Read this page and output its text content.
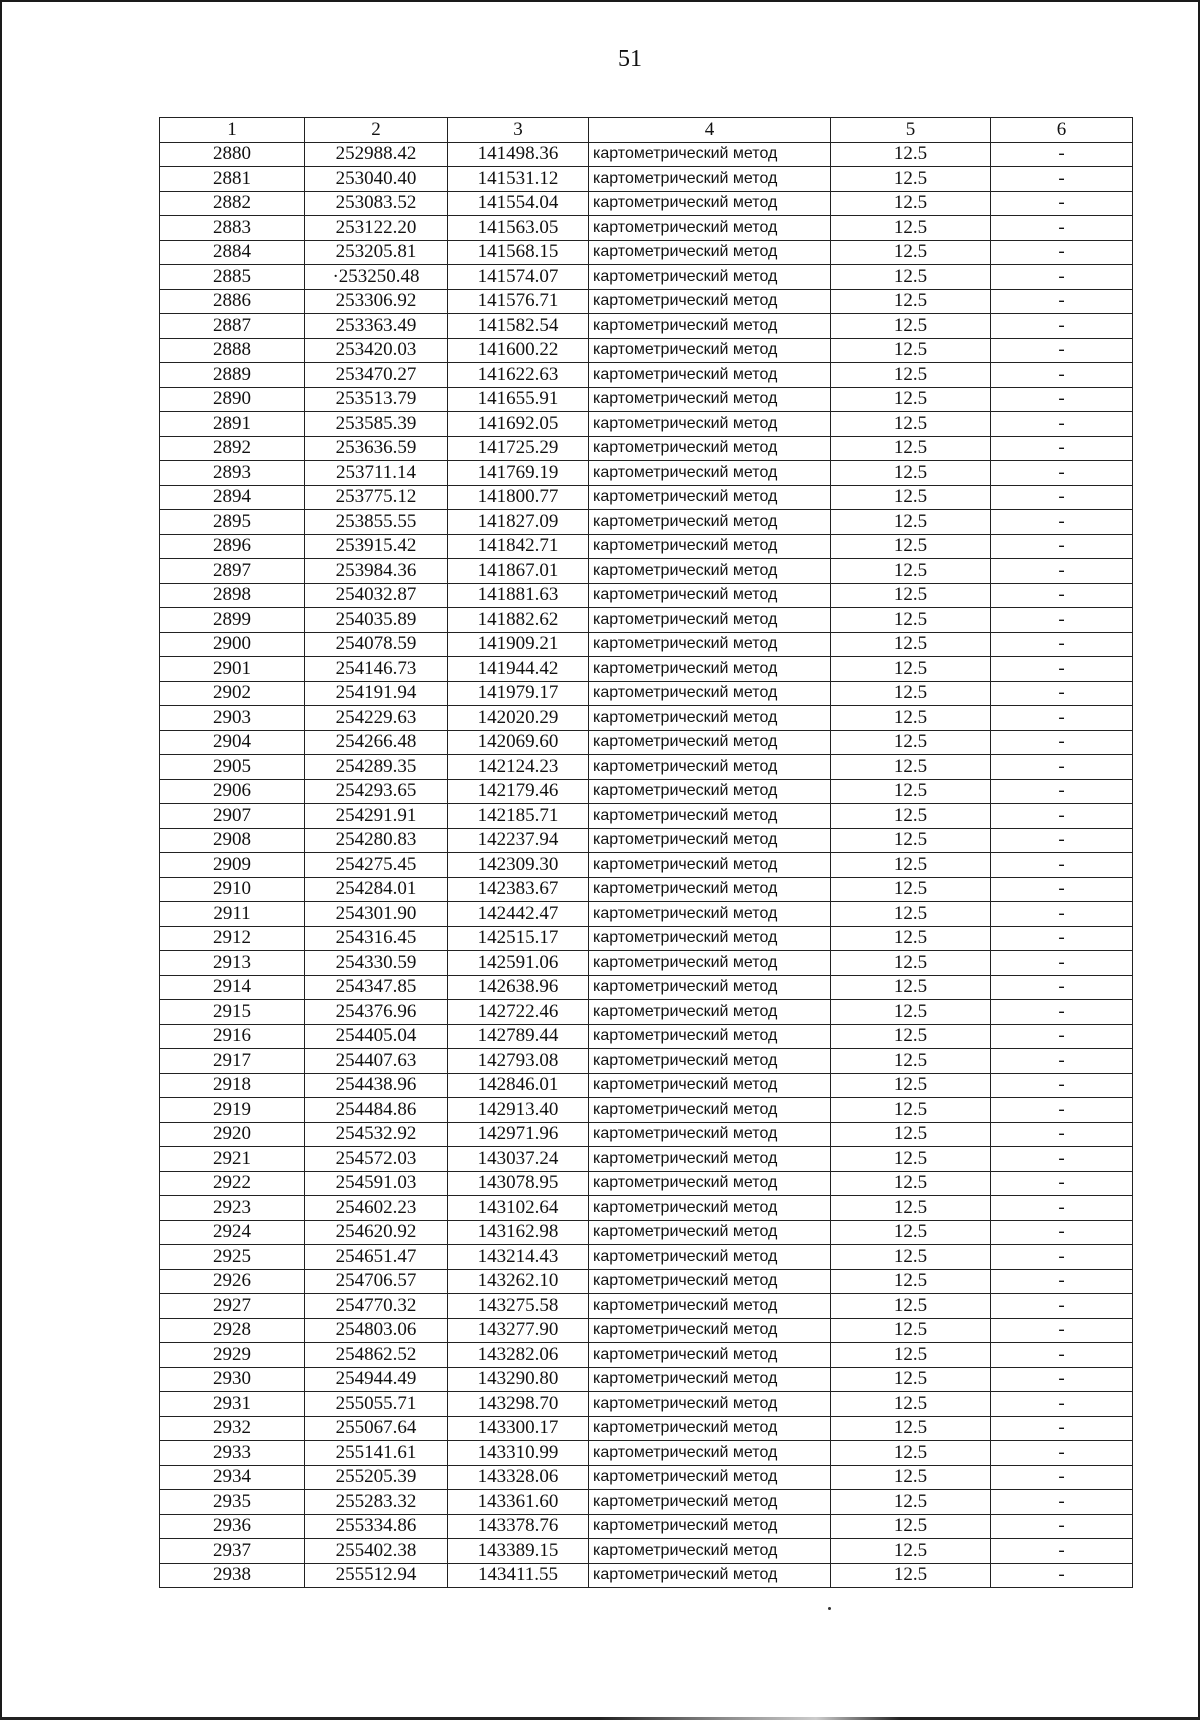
51
1	2	3	4	5	6
2880	252988.42	141498.36	картометрический метод	12.5	-
2881	253040.40	141531.12	картометрический метод	12.5	-
2882	253083.52	141554.04	картометрический метод	12.5	-
2883	253122.20	141563.05	картометрический метод	12.5	-
2884	253205.81	141568.15	картометрический метод	12.5	-
2885	·253250.48	141574.07	картометрический метод	12.5	-
2886	253306.92	141576.71	картометрический метод	12.5	-
2887	253363.49	141582.54	картометрический метод	12.5	-
2888	253420.03	141600.22	картометрический метод	12.5	-
2889	253470.27	141622.63	картометрический метод	12.5	-
2890	253513.79	141655.91	картометрический метод	12.5	-
2891	253585.39	141692.05	картометрический метод	12.5	-
2892	253636.59	141725.29	картометрический метод	12.5	-
2893	253711.14	141769.19	картометрический метод	12.5	-
2894	253775.12	141800.77	картометрический метод	12.5	-
2895	253855.55	141827.09	картометрический метод	12.5	-
2896	253915.42	141842.71	картометрический метод	12.5	-
2897	253984.36	141867.01	картометрический метод	12.5	-
2898	254032.87	141881.63	картометрический метод	12.5	-
2899	254035.89	141882.62	картометрический метод	12.5	-
2900	254078.59	141909.21	картометрический метод	12.5	-
2901	254146.73	141944.42	картометрический метод	12.5	-
2902	254191.94	141979.17	картометрический метод	12.5	-
2903	254229.63	142020.29	картометрический метод	12.5	-
2904	254266.48	142069.60	картометрический метод	12.5	-
2905	254289.35	142124.23	картометрический метод	12.5	-
2906	254293.65	142179.46	картометрический метод	12.5	-
2907	254291.91	142185.71	картометрический метод	12.5	-
2908	254280.83	142237.94	картометрический метод	12.5	-
2909	254275.45	142309.30	картометрический метод	12.5	-
2910	254284.01	142383.67	картометрический метод	12.5	-
2911	254301.90	142442.47	картометрический метод	12.5	-
2912	254316.45	142515.17	картометрический метод	12.5	-
2913	254330.59	142591.06	картометрический метод	12.5	-
2914	254347.85	142638.96	картометрический метод	12.5	-
2915	254376.96	142722.46	картометрический метод	12.5	-
2916	254405.04	142789.44	картометрический метод	12.5	-
2917	254407.63	142793.08	картометрический метод	12.5	-
2918	254438.96	142846.01	картометрический метод	12.5	-
2919	254484.86	142913.40	картометрический метод	12.5	-
2920	254532.92	142971.96	картометрический метод	12.5	-
2921	254572.03	143037.24	картометрический метод	12.5	-
2922	254591.03	143078.95	картометрический метод	12.5	-
2923	254602.23	143102.64	картометрический метод	12.5	-
2924	254620.92	143162.98	картометрический метод	12.5	-
2925	254651.47	143214.43	картометрический метод	12.5	-
2926	254706.57	143262.10	картометрический метод	12.5	-
2927	254770.32	143275.58	картометрический метод	12.5	-
2928	254803.06	143277.90	картометрический метод	12.5	-
2929	254862.52	143282.06	картометрический метод	12.5	-
2930	254944.49	143290.80	картометрический метод	12.5	-
2931	255055.71	143298.70	картометрический метод	12.5	-
2932	255067.64	143300.17	картометрический метод	12.5	-
2933	255141.61	143310.99	картометрический метод	12.5	-
2934	255205.39	143328.06	картометрический метод	12.5	-
2935	255283.32	143361.60	картометрический метод	12.5	-
2936	255334.86	143378.76	картометрический метод	12.5	-
2937	255402.38	143389.15	картометрический метод	12.5	-
2938	255512.94	143411.55	картометрический метод	12.5	-
